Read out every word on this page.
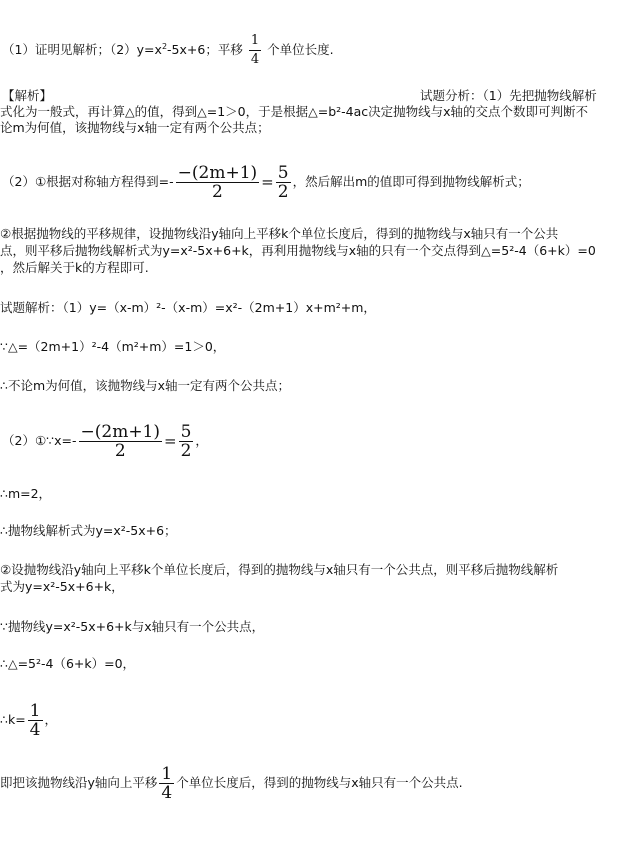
（1）证明见解析；$(2)y=x^2-5x+6$；平移 $\frac{1}{4}$ 个单位长度.
【解析】	试题分析：（1）先把抛物线解析
式化为一般式，再计算△的值，得到△=1＞0，于是根据△=b²-4ac决定抛物线与x轴的交点个数即可判断不
论m为何值，该抛物线与x轴一定有两个公共点；
（2）①根据对称轴方程得到=- $\frac{-(2m+1)}{2} = \frac{5}{2}$ ，然后解出m的值即可得到抛物线解析式；
②根据抛物线的平移规律，设抛物线沿y轴向上平移k个单位长度后，得到的抛物线与x轴只有一个公共
点，则平移后抛物线解析式为y=x²-5x+6+k，再利用抛物线与x轴的只有一个交点得到△=5²-4（6+k）=0
，然后解关于k的方程即可.
试题解析：（1）y=（x-m）²-（x-m）=x²-（2m+1）x+m²+m，
∵△=（2m+1）²-4（m²+m）=1＞0，
∴不论m为何值，该抛物线与x轴一定有两个公共点；
（2）①∵x=- $\frac{-(2m+1)}{2} = \frac{5}{2}$ ，
∴m=2，
∴抛物线解析式为y=x²-5x+6；
②设抛物线沿y轴向上平移k个单位长度后，得到的抛物线与x轴只有一个公共点，则平移后抛物线解析
式为y=x²-5x+6+k，
∵抛物线y=x²-5x+6+k与x轴只有一个公共点，
∴△=5²-4（6+k）=0，
∴k= $\frac{1}{4}$ ，
即把该抛物线沿y轴向上平移 $\frac{1}{4}$ 个单位长度后，得到的抛物线与x轴只有一个公共点.
